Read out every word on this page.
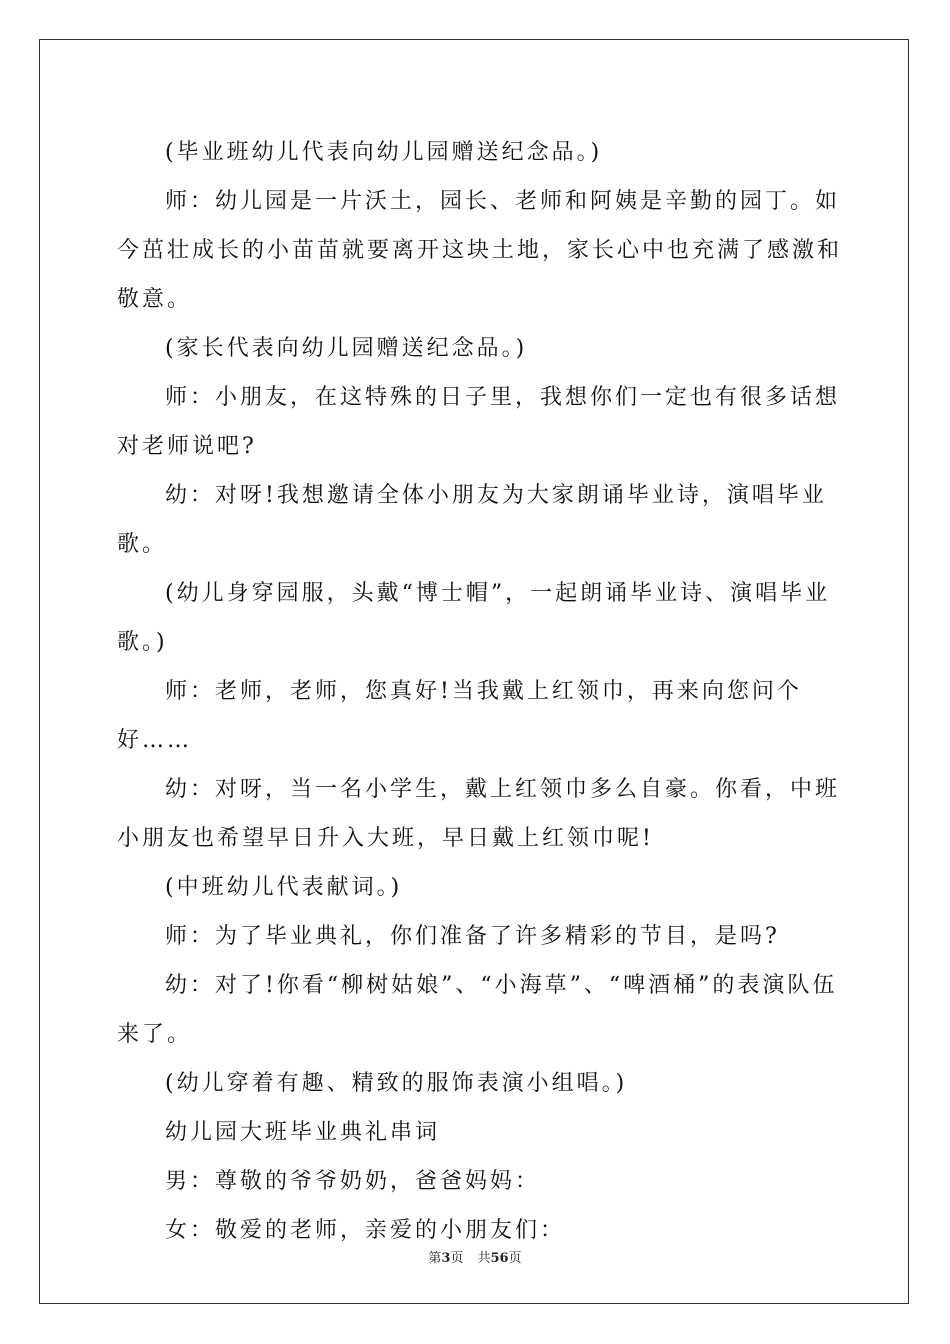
(毕业班幼儿代表向幼儿园赠送纪念品。)

师：幼儿园是一片沃土，园长、老师和阿姨是辛勤的园丁。如今茁壮成长的小苗苗就要离开这块土地，家长心中也充满了感激和敬意。

(家长代表向幼儿园赠送纪念品。)

师：小朋友，在这特殊的日子里，我想你们一定也有很多话想对老师说吧?

幼：对呀!我想邀请全体小朋友为大家朗诵毕业诗，演唱毕业歌。

(幼儿身穿园服，头戴“博士帽”，一起朗诵毕业诗、演唱毕业歌。)

师：老师，老师，您真好!当我戴上红领巾，再来向您问个好……

幼：对呀，当一名小学生，戴上红领巾多么自豪。你看，中班小朋友也希望早日升入大班，早日戴上红领巾呢!

(中班幼儿代表献词。)

师：为了毕业典礼，你们准备了许多精彩的节目，是吗?

幼：对了!你看“柳树姑娘”、“小海草”、“啤酒桶”的表演队伍来了。

(幼儿穿着有趣、精致的服饰表演小组唱。)

幼儿园大班毕业典礼串词

男：尊敬的爷爷奶奶，爸爸妈妈：

女：敬爱的老师，亲爱的小朋友们：

第3页 共56页
